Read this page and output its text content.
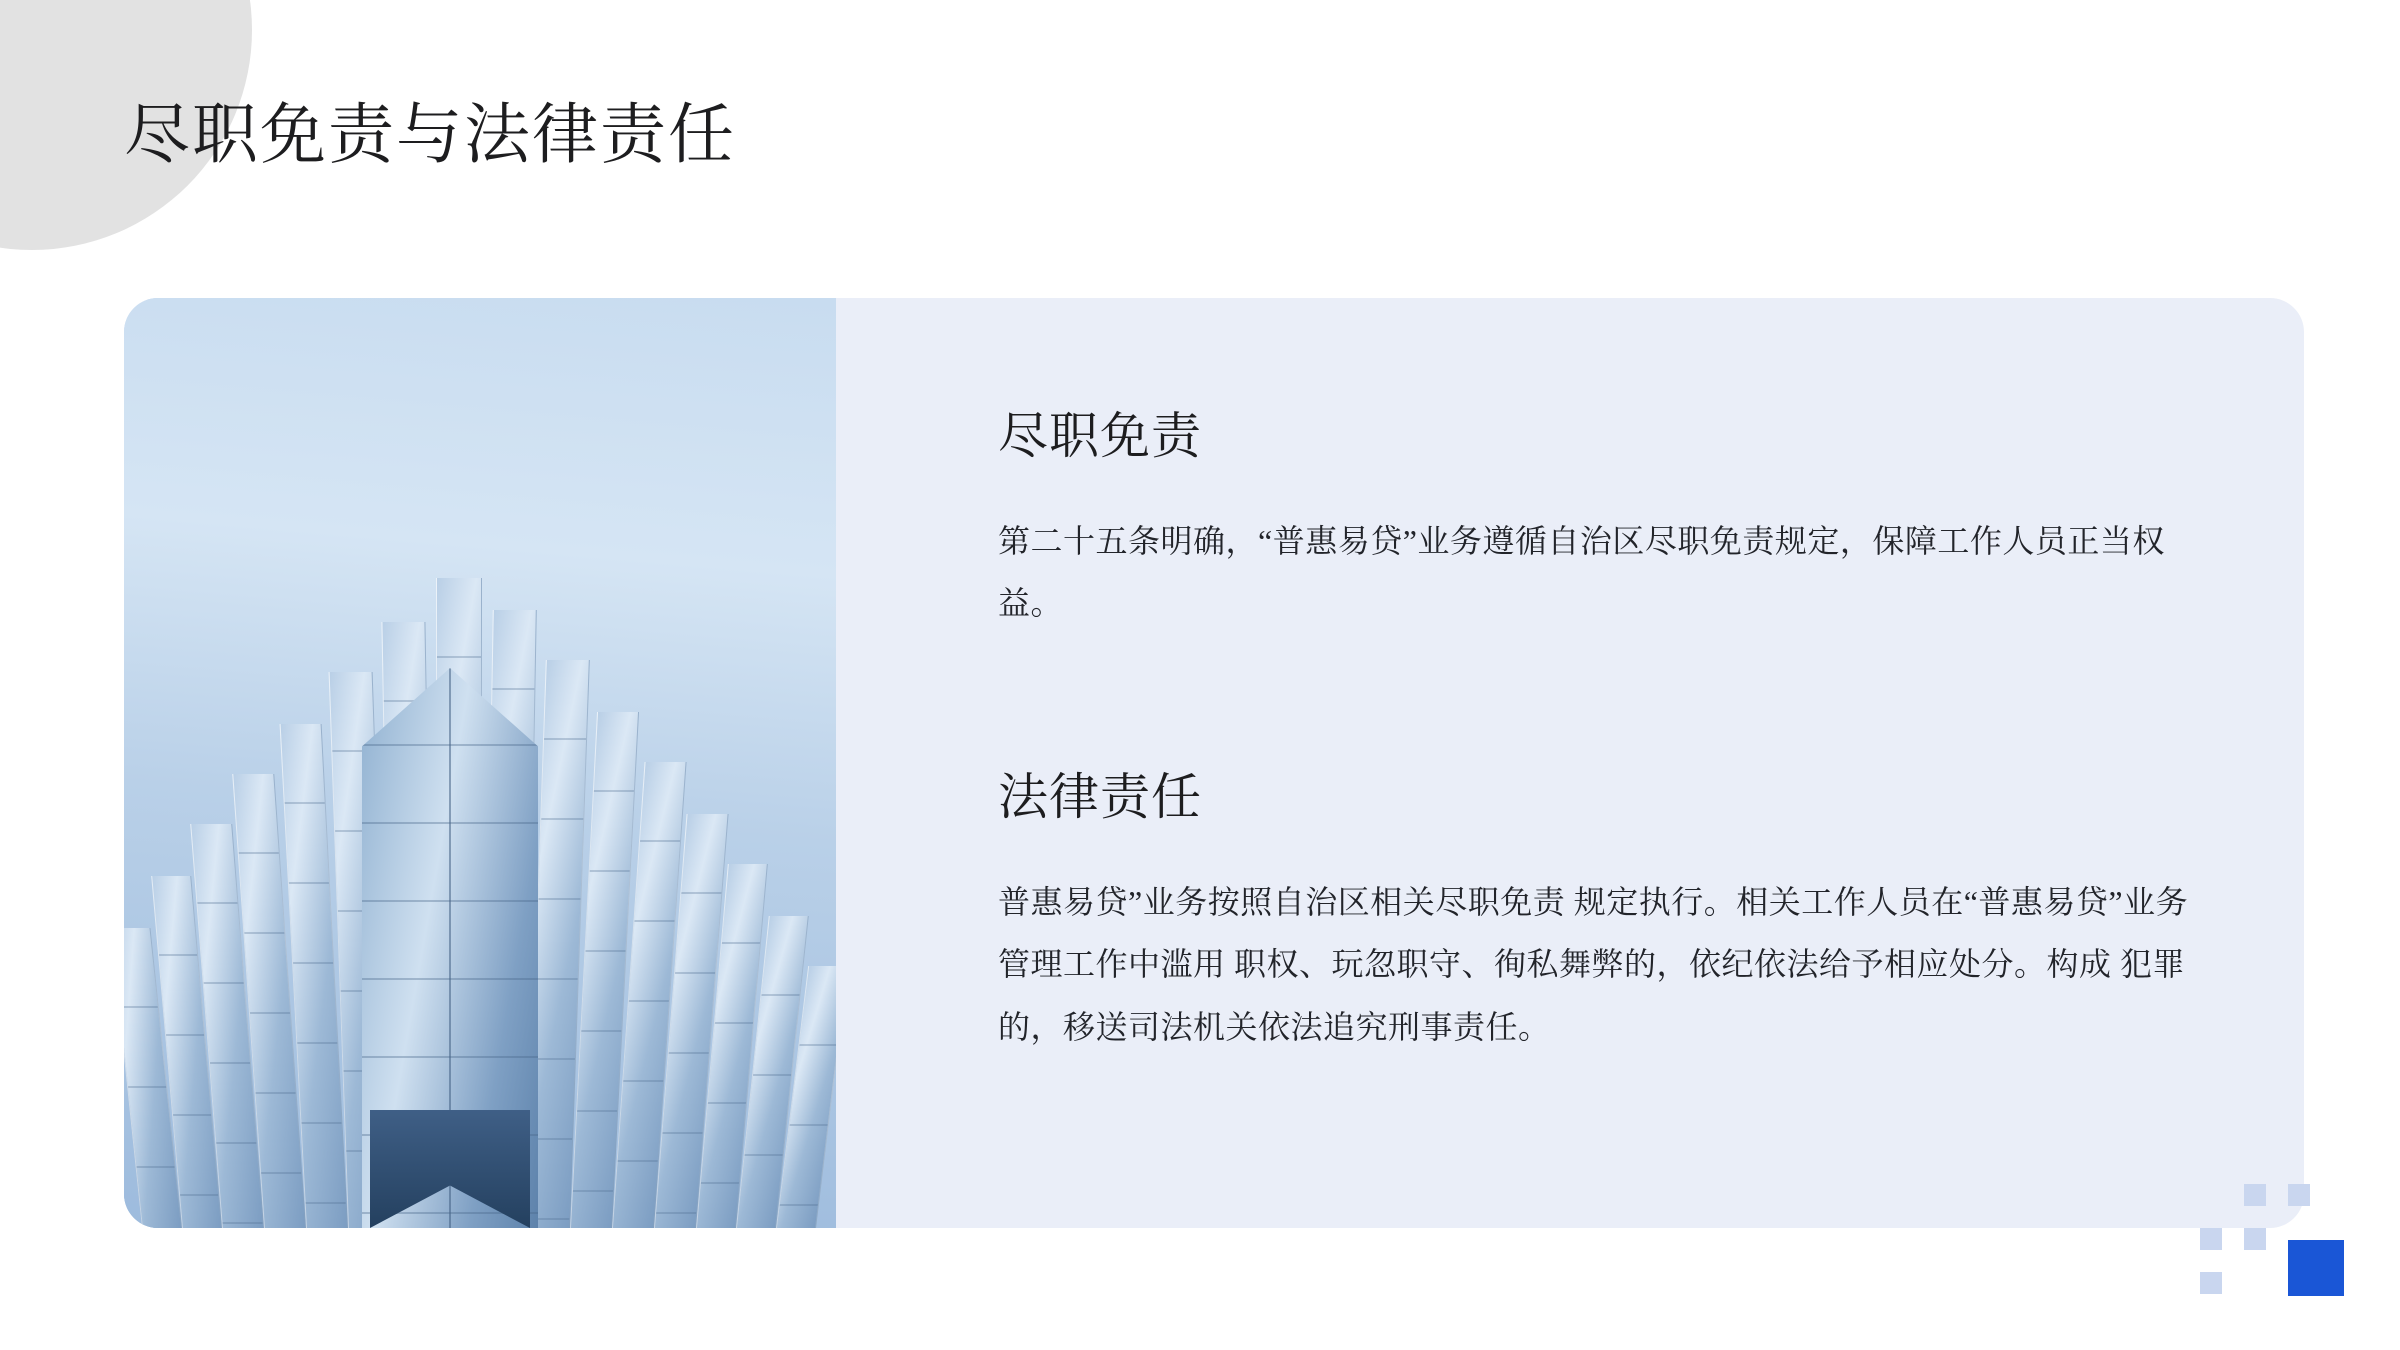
尽职免责与法律责任
尽职免责

第二十五条明确，“普惠易贷”业务遵循自治区尽职免责规定，保障工作人员正当权益。

法律责任

普惠易贷”业务按照自治区相关尽职免责 规定执行。相关工作人员在“普惠易贷”业务管理工作中滥用 职权、玩忽职守、徇私舞弊的，依纪依法给予相应处分。构成 犯罪的，移送司法机关依法追究刑事责任。
